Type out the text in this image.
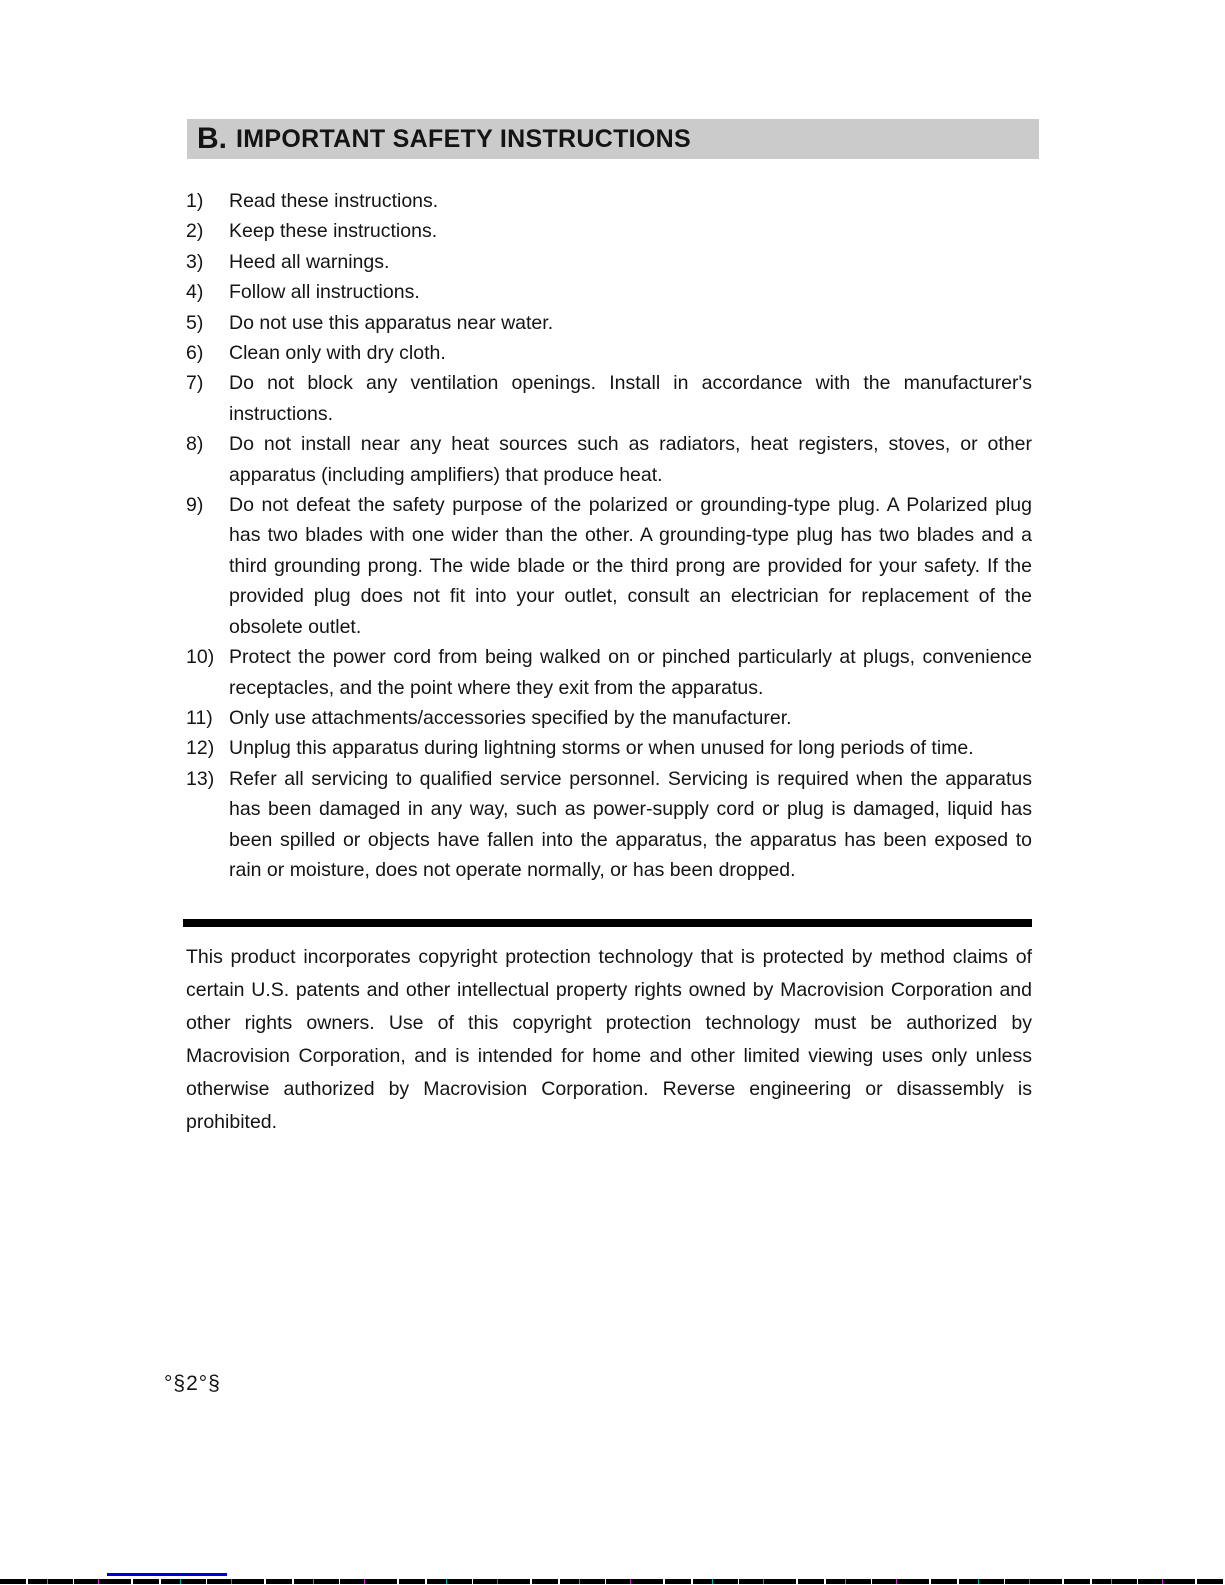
B. IMPORTANT SAFETY INSTRUCTIONS
1)	Read these instructions.
2)	Keep these instructions.
3)	Heed all warnings.
4)	Follow all instructions.
5)	Do not use this apparatus near water.
6)	Clean only with dry cloth.
7)	Do not block any ventilation openings. Install in accordance with the manufacturer's instructions.
8)	Do not install near any heat sources such as radiators, heat registers, stoves, or other apparatus (including amplifiers) that produce heat.
9)	Do not defeat the safety purpose of the polarized or grounding-type plug. A Polarized plug has two blades with one wider than the other. A grounding-type plug has two blades and a third grounding prong. The wide blade or the third prong are provided for your safety. If the provided plug does not fit into your outlet, consult an electrician for replacement of the obsolete outlet.
10) Protect the power cord from being walked on or pinched particularly at plugs, convenience receptacles, and the point where they exit from the apparatus.
11) Only use attachments/accessories specified by the manufacturer.
12) Unplug this apparatus during lightning storms or when unused for long periods of time.
13) Refer all servicing to qualified service personnel. Servicing is required when the apparatus has been damaged in any way, such as power-supply cord or plug is damaged, liquid has been spilled or objects have fallen into the apparatus, the apparatus has been exposed to rain or moisture, does not operate normally, or has been dropped.
This product incorporates copyright protection technology that is protected by method claims of certain U.S. patents and other intellectual property rights owned by Macrovision Corporation and other rights owners. Use of this copyright protection technology must be authorized by Macrovision Corporation, and is intended for home and other limited viewing uses only unless otherwise authorized by Macrovision Corporation. Reverse engineering or disassembly is prohibited.
°§2°§
